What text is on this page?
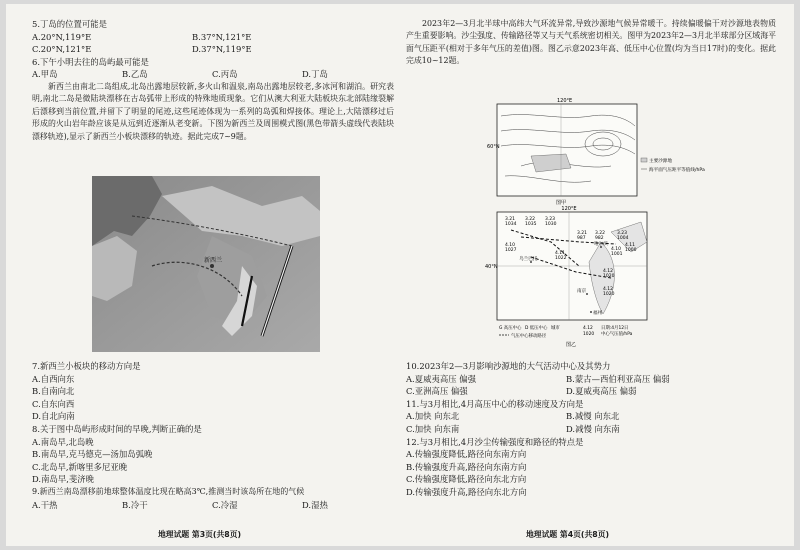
5.丁岛的位置可能是

A.20°N,119°E	B.37°N,121°E
C.20°N,121°E	D.37°N,119°E

6.下午小明去往的岛屿最可能是

A.甲岛	B.乙岛	C.丙岛	D.丁岛

新西兰由南北二岛组成,北岛出露地层较新,多火山和温泉,南岛出露地层较老,多冰河和湖泊。研究表明,南北二岛是微陆块漂移在古岛弧带上形成的特殊地质现象。它们从澳大利亚大陆板块东北部陆缘裂解后漂移到当前位置,并留下了明显的尾迹,这些尾迹体现为一系列的岛弧和焊接体。理论上,大陆漂移过后形成的火山岩年龄应该是从远到近逐渐从老变新。下图为新西兰及周围模式图(黑色带箭头虚线代表陆块漂移轨迹),显示了新西兰小板块漂移的轨迹。据此完成7~9题。

新西兰

7.新西兰小板块的移动方向是

A.自西向东

B.自南向北

C.自东向西

D.自北向南

8.关于图中岛屿形成时间的早晚,判断正确的是

A.南岛早,北岛晚

B.南岛早,克马德克—汤加岛弧晚

C.北岛早,新喀里多尼亚晚

D.南岛早,斐济晚

9.新西兰南岛漂移前地球整体温度比现在略高3℃,推测当时该岛所在地的气候

A.干热	B.冷干	C.冷湿	D.湿热
地理试题 第3页(共8页)

2023年2—3月北半球中高纬大气环流异常,导致沙源地气候异常暖干。持续偏暖偏干对沙源地表物质产生重要影响。沙尘强度、传输路径等又与天气系统密切相关。图甲为2023年2—3月北半球部分区域海平面气压距平(相对于多年气压的差值)图。图乙示意2023年高、低压中心位置(均为当日17时)的变化。据此完成10~12题。

120°E
60°N
主要沙源地
海平面气压距平等值线/hPa
图甲
120°E
40°N
3.21
1034
3.22
1035
3.23
1030
3.21
987
3.22
982
3.23
1004
4.10
1027
4.11
1022
4.12
1020
4.12
1020
4.10
1001
4.11
1000
哈尔滨
乌兰巴托
南京
福州
G 高压中心 D 低压中心 城市
气压中心移动路径
4.12
1020
日期:4月12日
中心气压值/hPa
图乙

10.2023年2—3月影响沙源地的大气活动中心及其势力

A.夏威夷高压 偏强	B.蒙古—西伯利亚高压 偏弱
C.亚洲高压 偏强	D.夏威夷高压 偏弱

11.与3月相比,4月高压中心的移动速度及方向是

A.加快 向东北	B.减慢 向东北
C.加快 向东南	D.减慢 向东南

12.与3月相比,4月沙尘传输强度和路径的特点是

A.传输强度降低,路径向东南方向

B.传输强度升高,路径向东南方向

C.传输强度降低,路径向东北方向

D.传输强度升高,路径向东北方向

地理试题 第4页(共8页)
